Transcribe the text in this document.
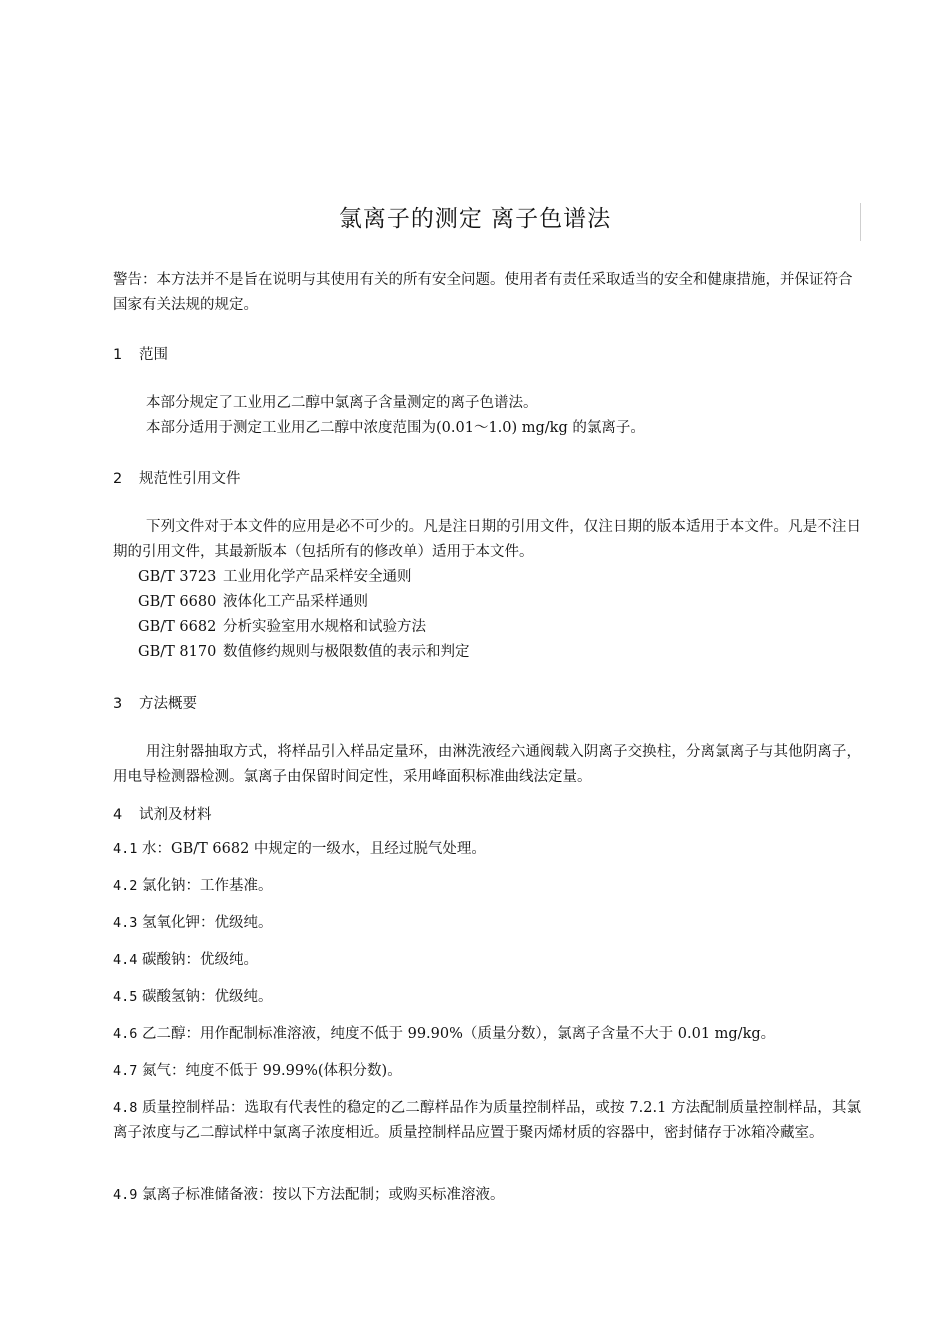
氯离子的测定 离子色谱法
警告：本方法并不是旨在说明与其使用有关的所有安全问题。使用者有责任采取适当的安全和健康措施，并保证符合国家有关法规的规定。
1 范围
本部分规定了工业用乙二醇中氯离子含量测定的离子色谱法。
本部分适用于测定工业用乙二醇中浓度范围为(0.01～1.0) mg/kg 的氯离子。
2 规范性引用文件
下列文件对于本文件的应用是必不可少的。凡是注日期的引用文件，仅注日期的版本适用于本文件。凡是不注日期的引用文件，其最新版本（包括所有的修改单）适用于本文件。
GB/T 3723 工业用化学产品采样安全通则
GB/T 6680 液体化工产品采样通则
GB/T 6682 分析实验室用水规格和试验方法
GB/T 8170 数值修约规则与极限数值的表示和判定
3 方法概要
用注射器抽取方式，将样品引入样品定量环，由淋洗液经六通阀载入阴离子交换柱，分离氯离子与其他阴离子，用电导检测器检测。氯离子由保留时间定性，采用峰面积标准曲线法定量。
4 试剂及材料
4.1 水：GB/T 6682 中规定的一级水，且经过脱气处理。
4.2 氯化钠：工作基准。
4.3 氢氧化钾：优级纯。
4.4 碳酸钠：优级纯。
4.5 碳酸氢钠：优级纯。
4.6 乙二醇：用作配制标准溶液，纯度不低于 99.90%（质量分数），氯离子含量不大于 0.01 mg/kg。
4.7 氮气：纯度不低于 99.99%(体积分数)。
4.8 质量控制样品：选取有代表性的稳定的乙二醇样品作为质量控制样品，或按 7.2.1 方法配制质量控制样品，其氯离子浓度与乙二醇试样中氯离子浓度相近。质量控制样品应置于聚丙烯材质的容器中，密封储存于冰箱冷藏室。
4.9 氯离子标准储备液：按以下方法配制；或购买标准溶液。
